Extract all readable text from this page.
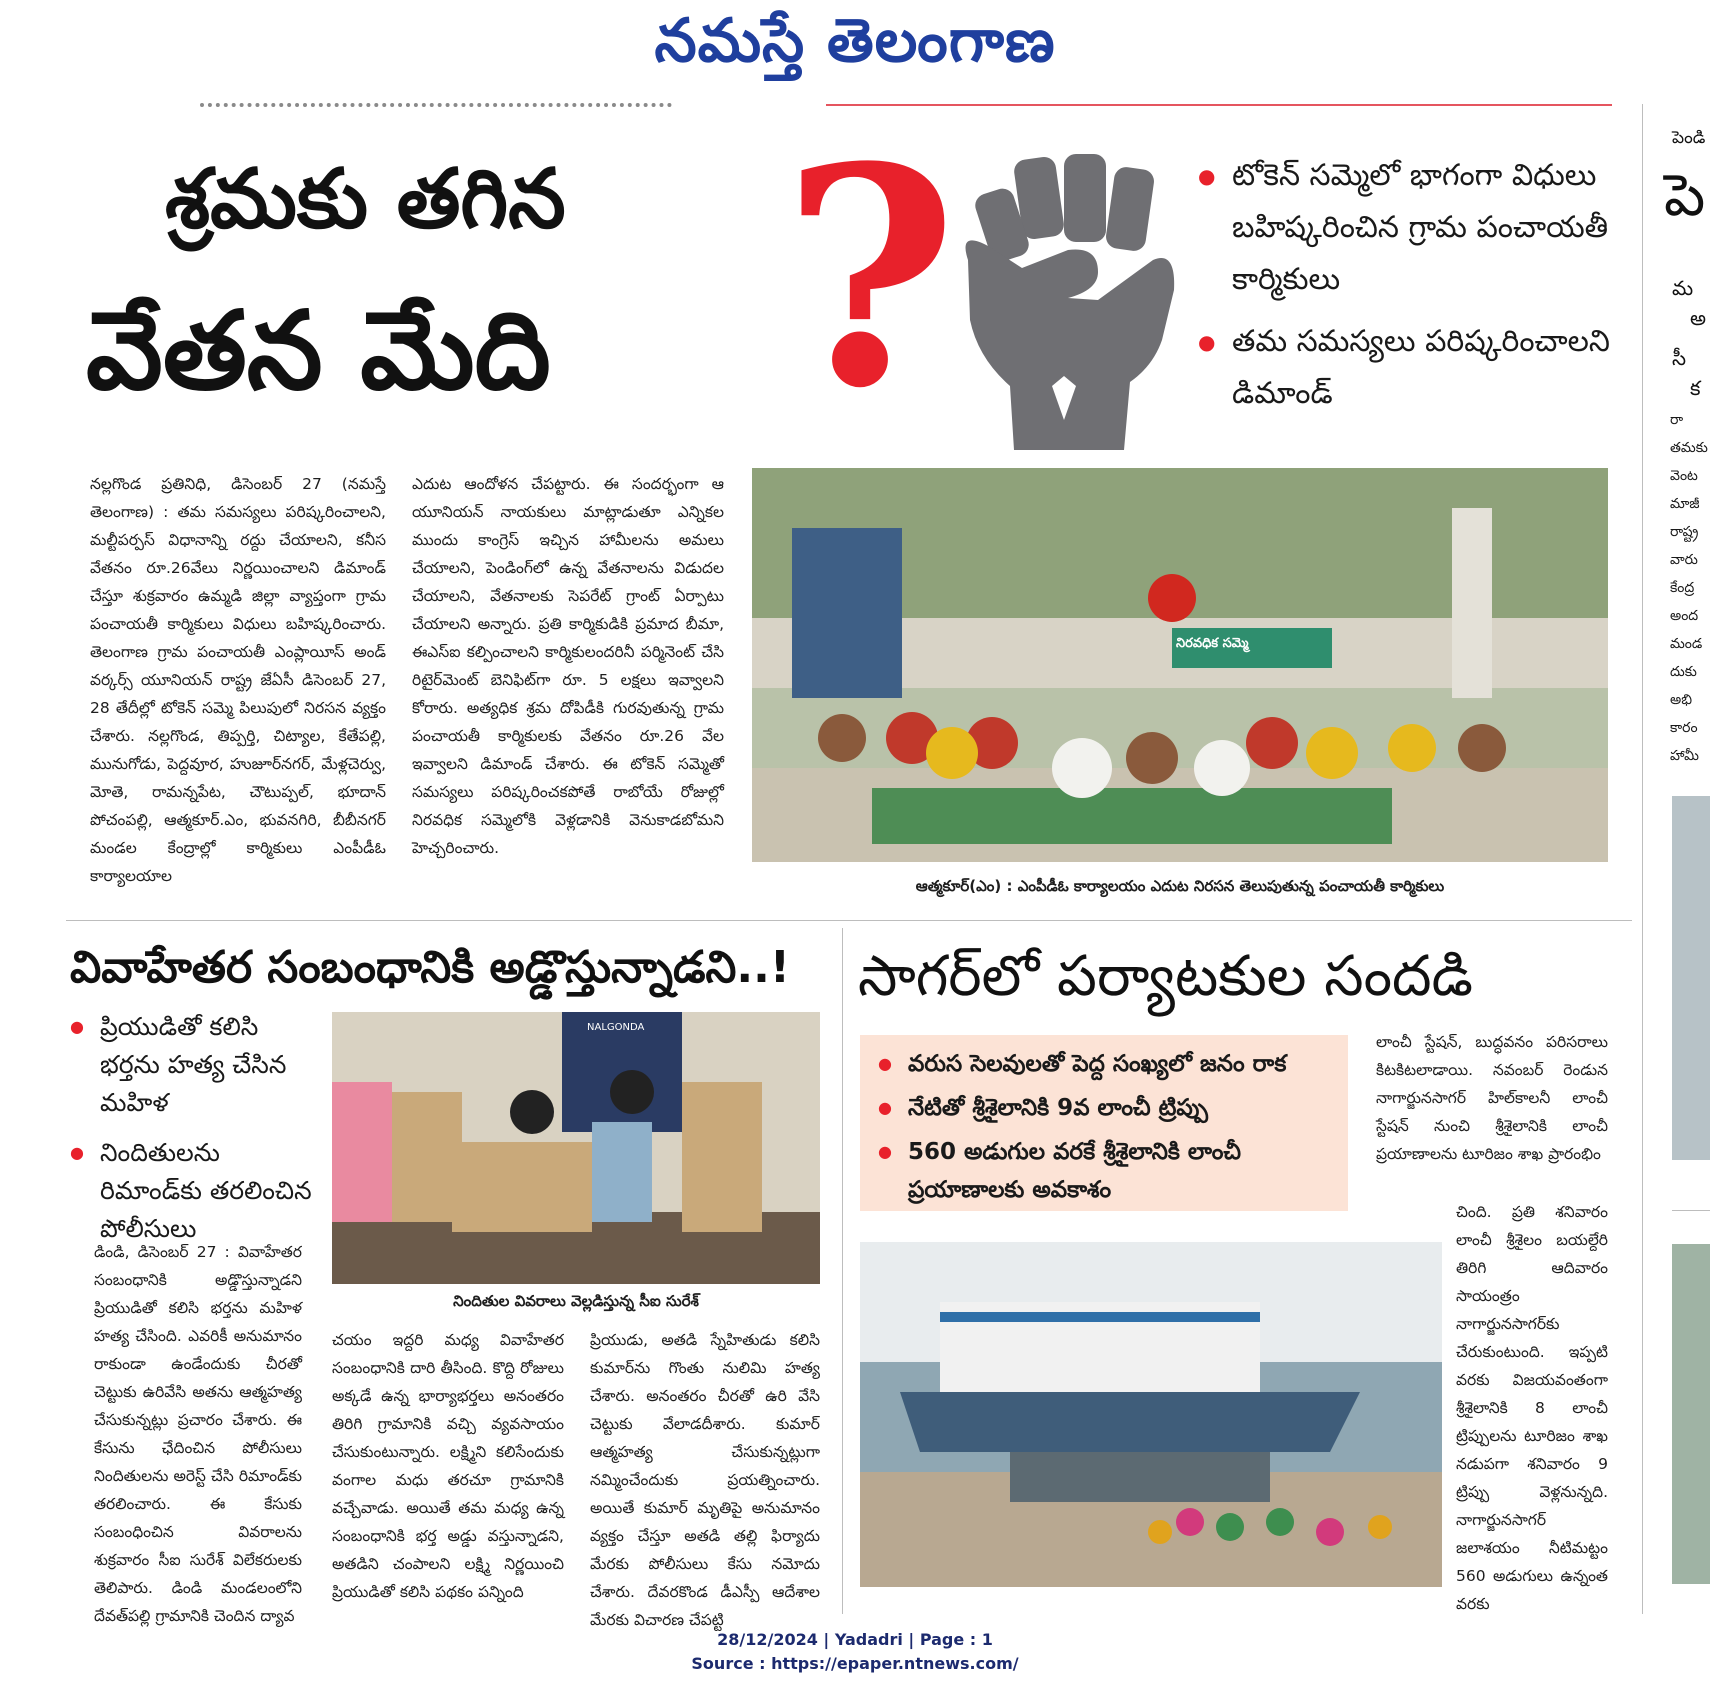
నమస్తే తెలంగాణ
శ్రమకు తగిన
వేతన మేది ?
●	టోకెన్ సమ్మెలో భాగంగా విధులు బహిష్కరించిన గ్రామ పంచాయతీ కార్మికులు
● తమ సమస్యలు పరిష్కరించాలని డిమాండ్
నల్లగొండ ప్రతినిధి, డిసెంబర్ 27 (నమస్తే తెలంగాణ) : తమ సమస్యలు పరిష్కరించాలని, మల్టీపర్పస్ విధానాన్ని రద్దు చేయాలని, కనీస వేతనం రూ.26వేలు నిర్ణయించాలని డిమాండ్ చేస్తూ శుక్రవారం ఉమ్మడి జిల్లా వ్యాప్తంగా గ్రామ పంచాయతీ కార్మికులు విధులు బహిష్కరించారు. తెలంగాణ గ్రామ పంచాయతీ ఎంప్లాయీస్ అండ్ వర్కర్స్ యూనియన్ రాష్ట్ర జేఏసీ డిసెంబర్ 27, 28 తేదీల్లో టోకెన్ సమ్మె పిలుపులో నిరసన వ్యక్తం చేశారు. నల్లగొండ, తిప్పర్తి, చిట్యాల, కేతేపల్లి, మునుగోడు, పెద్దవూర, హుజూర్‌నగర్, మేళ్లచెర్వు, మోతె, రామన్నపేట, చౌటుప్పల్, భూదాన్ పోచంపల్లి, ఆత్మకూర్.ఎం, భువనగిరి, బీబీనగర్ మండల కేంద్రాల్లో కార్మికులు ఎంపీడీఓ కార్యాలయాల
ఎదుట ఆందోళన చేపట్టారు. ఈ సందర్భంగా ఆ యూనియన్ నాయకులు మాట్లాడుతూ ఎన్నికల ముందు కాంగ్రెస్ ఇచ్చిన హామీలను అమలు చేయాలని, పెండింగ్‌లో ఉన్న వేతనాలను విడుదల చేయాలని, వేతనాలకు సెపరేట్ గ్రాంట్ ఏర్పాటు చేయాలని అన్నారు. ప్రతి కార్మికుడికి ప్రమాద బీమా, ఈఎస్ఐ కల్పించాలని కార్మికులందరినీ పర్మినెంట్ చేసి రిటైర్‌మెంట్ బెనిఫిట్‌గా రూ. 5 లక్షలు ఇవ్వాలని కోరారు. అత్యధిక శ్రమ దోపిడీకి గురవుతున్న గ్రామ పంచాయతీ కార్మికులకు వేతనం రూ.26 వేల ఇవ్వాలని డిమాండ్ చేశారు. ఈ టోకెన్ సమ్మెతో సమస్యలు పరిష్కరించకపోతే రాబోయే రోజుల్లో నిరవధిక సమ్మెలోకి వెళ్లడానికి వెనుకాడబోమని హెచ్చరించారు.
నిరవధిక సమ్మె
ఆత్మకూర్(ఎం) : ఎంపీడీఓ కార్యాలయం ఎదుట నిరసన తెలుపుతున్న పంచాయతీ కార్మికులు
వివాహేతర సంబంధానికి అడ్డొస్తున్నాడని..!
● ప్రియుడితో కలిసి భర్తను హత్య చేసిన మహిళ
● నిందితులను రిమాండ్‌కు తరలించిన పోలీసులు
NALGONDA
నిందితుల వివరాలు వెల్లడిస్తున్న సీఐ సురేశ్
డిండి, డిసెంబర్ 27 : వివాహేతర సంబంధానికి అడ్డొస్తున్నాడని ప్రియుడితో కలిసి భర్తను మహిళ హత్య చేసింది. ఎవరికీ అనుమానం రాకుండా ఉండేందుకు చీరతో చెట్టుకు ఉరివేసి అతను ఆత్మహత్య చేసుకున్నట్లు ప్రచారం చేశారు. ఈ కేసును ఛేదించిన పోలీసులు నిందితులను అరెస్ట్ చేసి రిమాండ్‌కు తరలించారు. ఈ కేసుకు సంబంధించిన వివరాలను శుక్రవారం సీఐ సురేశ్ విలేకరులకు తెలిపారు. డిండి మండలంలోని దేవత్‌పల్లి గ్రామానికి చెందిన ద్యావ
చయం ఇద్దరి మధ్య వివాహేతర సంబంధానికి దారి తీసింది. కొద్ది రోజులు అక్కడే ఉన్న భార్యాభర్తలు అనంతరం తిరిగి గ్రామానికి వచ్చి వ్యవసాయం చేసుకుంటున్నారు. లక్ష్మిని కలిసేందుకు వంగాల మధు తరచూ గ్రామానికి వచ్చేవాడు. అయితే తమ మధ్య ఉన్న సంబంధానికి భర్త అడ్డు వస్తున్నాడని, అతడిని చంపాలని లక్ష్మి నిర్ణయించి ప్రియుడితో కలిసి పథకం పన్నింది
ప్రియుడు, అతడి స్నేహితుడు కలిసి కుమార్‌ను గొంతు నులిమి హత్య చేశారు. అనంతరం చీరతో ఉరి వేసి చెట్టుకు వేలాడదీశారు. కుమార్ ఆత్మహత్య చేసుకున్నట్లుగా నమ్మించేందుకు ప్రయత్నించారు. అయితే కుమార్ మృతిపై అనుమానం వ్యక్తం చేస్తూ అతడి తల్లి ఫిర్యాదు మేరకు పోలీసులు కేసు నమోదు చేశారు. దేవరకొండ డీఎస్పీ ఆదేశాల మేరకు విచారణ చేపట్టి
సాగర్‌లో పర్యాటకుల సందడి
● వరుస సెలవులతో పెద్ద సంఖ్యలో జనం రాక
● నేటితో శ్రీశైలానికి 9వ లాంచీ ట్రిప్పు
● 560 అడుగుల వరకే శ్రీశైలానికి లాంచీ ప్రయాణాలకు అవకాశం
లాంచీ స్టేషన్, బుద్ధవనం పరిసరాలు కిటకిటలాడాయి. నవంబర్ రెండున నాగార్జునసాగర్ హిల్‌కాలనీ లాంచీ స్టేషన్ నుంచి శ్రీశైలానికి లాంచీ ప్రయాణాలను టూరిజం శాఖ ప్రారంభిం
చింది. ప్రతి శనివారం లాంచీ శ్రీశైలం బయల్దేరి తిరిగి ఆదివారం సాయంత్రం నాగార్జునసాగర్‌కు చేరుకుంటుంది. ఇప్పటి వరకు విజయవంతంగా శ్రీశైలానికి 8 లాంచీ ట్రిప్పులను టూరిజం శాఖ నడుపగా శనివారం 9 ట్రిప్పు వెళ్లనున్నది. నాగార్జునసాగర్ జలాశయం నీటిమట్టం 560 అడుగులు ఉన్నంత వరకు
పెండి
పె
మ
అ
సీ
క
రా
తమకు
వెంట
మాజీ
రాష్ట్ర
వారు
కేంద్ర
అంద
మండ
దుకు
అభి
కారం
హామీ
28/12/2024 | Yadadri | Page : 1
Source : https://epaper.ntnews.com/
